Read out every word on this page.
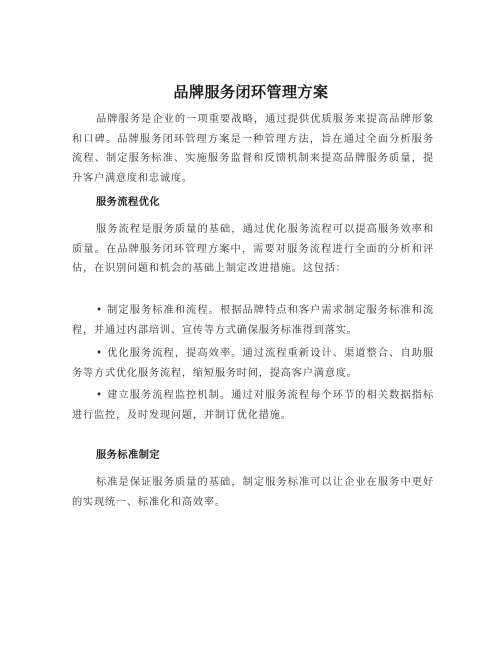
品牌服务闭环管理方案

品牌服务是企业的一项重要战略，通过提供优质服务来提高品牌形象和口碑。品牌服务闭环管理方案是一种管理方法，旨在通过全面分析服务流程、制定服务标准、实施服务监督和反馈机制来提高品牌服务质量，提升客户满意度和忠诚度。

服务流程优化

服务流程是服务质量的基础，通过优化服务流程可以提高服务效率和质量。在品牌服务闭环管理方案中，需要对服务流程进行全面的分析和评估，在识别问题和机会的基础上制定改进措施。这包括：

• 制定服务标准和流程。根据品牌特点和客户需求制定服务标准和流程，并通过内部培训、宣传等方式确保服务标准得到落实。

• 优化服务流程，提高效率。通过流程重新设计、渠道整合、自助服务等方式优化服务流程，缩短服务时间，提高客户满意度。

• 建立服务流程监控机制。通过对服务流程每个环节的相关数据指标进行监控，及时发现问题，并制订优化措施。

服务标准制定

标准是保证服务质量的基础，制定服务标准可以让企业在服务中更好的实现统一、标准化和高效率。
